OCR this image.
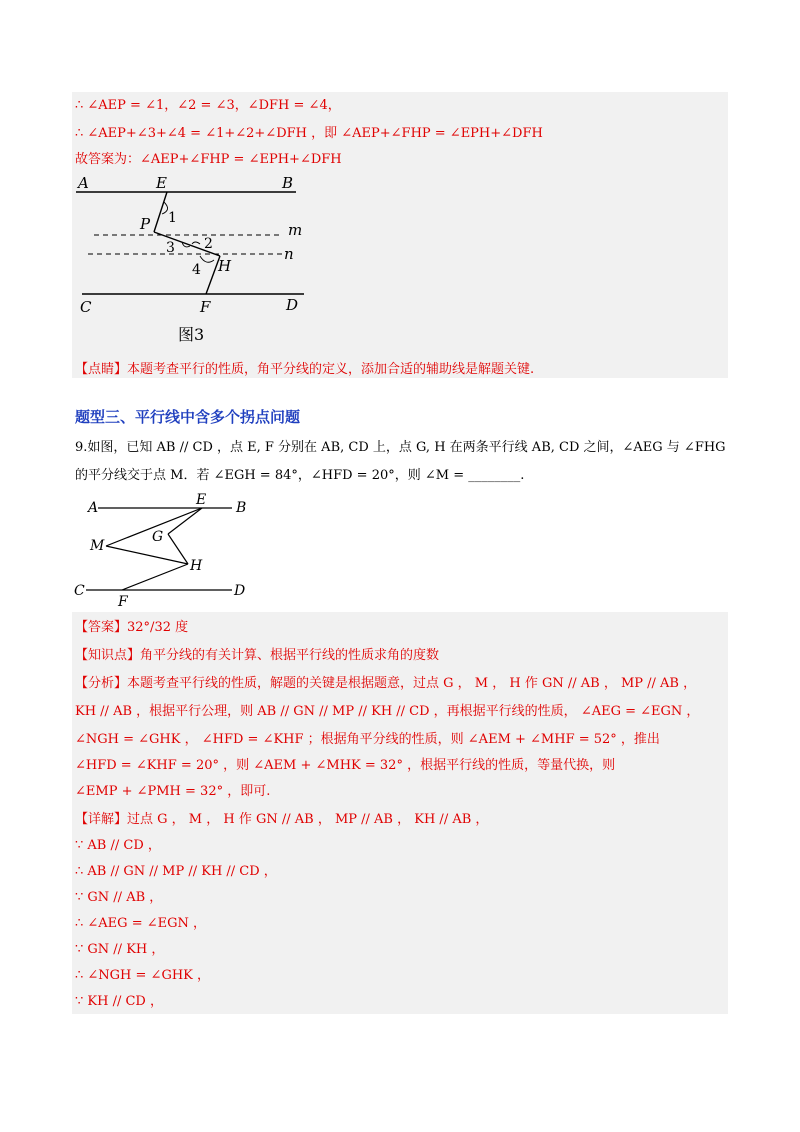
∴ ∠AEP = ∠1，∠2 = ∠3，∠DFH = ∠4，
∴ ∠AEP+∠3+∠4 = ∠1+∠2+∠DFH ，即 ∠AEP+∠FHP = ∠EPH+∠DFH
故答案为：∠AEP+∠FHP = ∠EPH+∠DFH
A	E	B
P 1
m
3 2
n
4 H
C	F	D
图3
【点睛】本题考查平行的性质，角平分线的定义，添加合适的辅助线是解题关键.
题型三、平行线中含多个拐点问题
9.如图，已知 AB // CD ，点 E, F 分别在 AB, CD 上，点 G, H 在两条平行线 AB, CD 之间，∠AEG 与 ∠FHG
的平分线交于点 M．若 ∠EGH = 84°，∠HFD = 20°，则 ∠M = ________.
A	E B
M
G
H
C
F
D
【答案】32°/32 度
【知识点】角平分线的有关计算、根据平行线的性质求角的度数
【分析】本题考查平行线的性质，解题的关键是根据题意，过点 G ， M ， H 作 GN // AB ， MP // AB ，
KH // AB ，根据平行公理，则 AB // GN // MP // KH // CD ，再根据平行线的性质， ∠AEG = ∠EGN ，
∠NGH = ∠GHK ， ∠HFD = ∠KHF ；根据角平分线的性质，则 ∠AEM + ∠MHF = 52° ，推出
∠HFD = ∠KHF = 20° ，则 ∠AEM + ∠MHK = 32° ，根据平行线的性质，等量代换，则
∠EMP + ∠PMH = 32° ，即可.
【详解】过点 G ， M ， H 作 GN // AB ， MP // AB ， KH // AB ，
∵ AB // CD ，
∴ AB // GN // MP // KH // CD ，
∵ GN // AB ，
∴ ∠AEG = ∠EGN ，
∵ GN // KH ，
∴ ∠NGH = ∠GHK ，
∵ KH // CD ，
